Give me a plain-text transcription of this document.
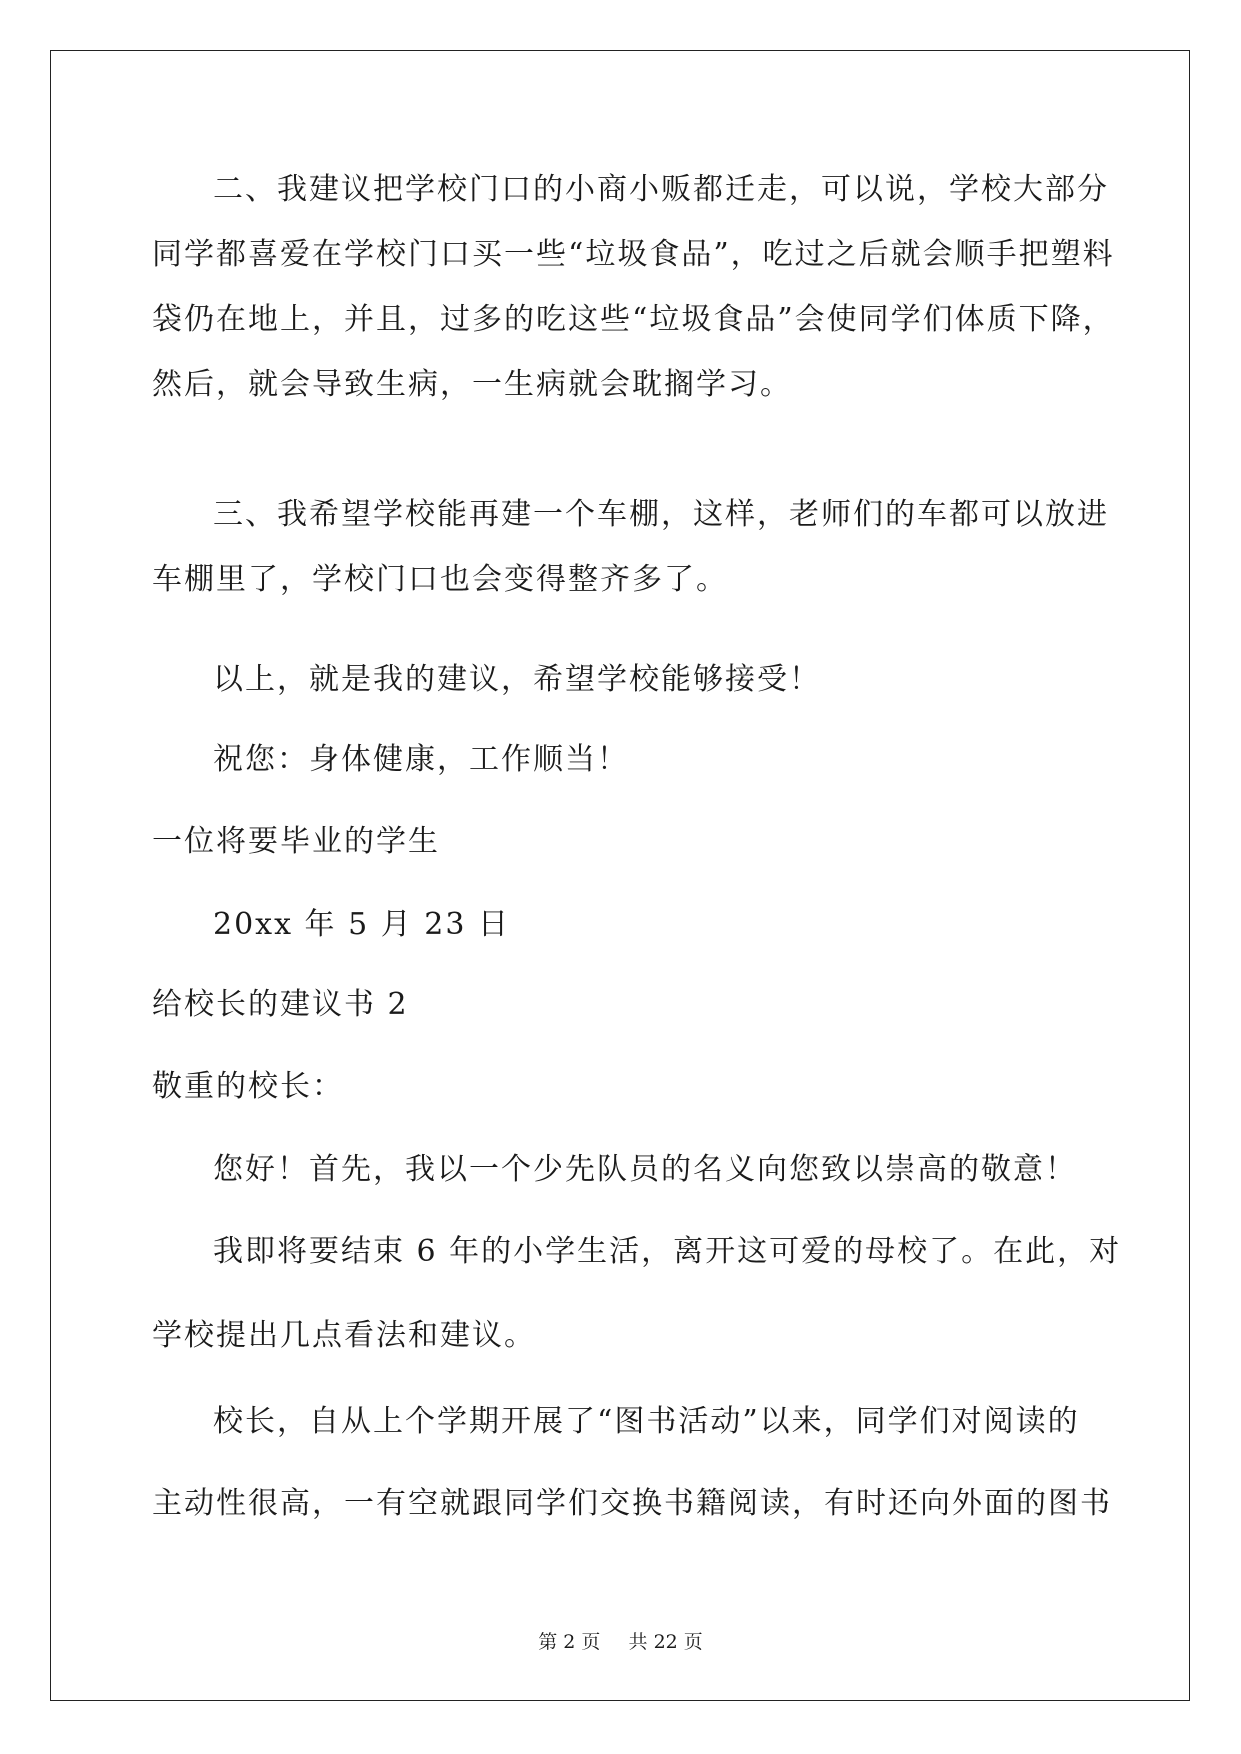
二、我建议把学校门口的小商小贩都迁走，可以说，学校大部分
同学都喜爱在学校门口买一些“垃圾食品”，吃过之后就会顺手把塑料
袋仍在地上，并且，过多的吃这些“垃圾食品”会使同学们体质下降，
然后，就会导致生病，一生病就会耽搁学习。
三、我希望学校能再建一个车棚，这样，老师们的车都可以放进
车棚里了，学校门口也会变得整齐多了。
以上，就是我的建议，希望学校能够接受！
祝您：身体健康，工作顺当！
一位将要毕业的学生
20xx 年 5 月 23 日
给校长的建议书 2
敬重的校长：
您好！首先，我以一个少先队员的名义向您致以崇高的敬意！
我即将要结束 6 年的小学生活，离开这可爱的母校了。在此，对
学校提出几点看法和建议。
校长，自从上个学期开展了“图书活动”以来，同学们对阅读的
主动性很高，一有空就跟同学们交换书籍阅读，有时还向外面的图书
第 2 页 共 22 页
